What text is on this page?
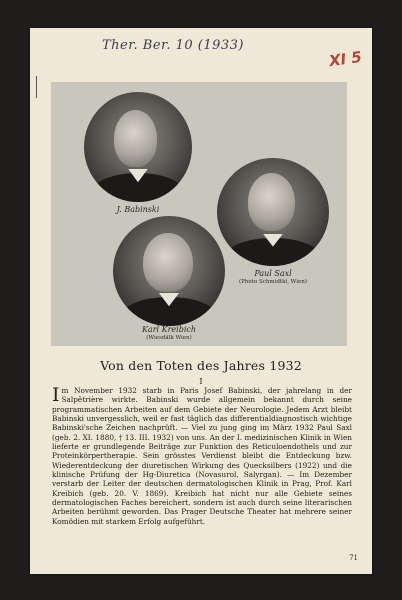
Ther. Ber. 10 (1933)
XI 5
J. Babinski
Paul Saxl
(Photo Schmidtkí, Wien)
Karl Kreibich
(Wiesdälk Wien)
Von den Toten des Jahres 1932
I
Im November 1932 starb in Paris Josef Babinski, der jahrelang in der Salpêtrière wirkte. Babinski wurde allgemein bekannt durch seine programmatischen Arbeiten auf dem Gebiete der Neurologie. Jedem Arzt bleibt Babinski unvergesslich, weil er fast täglich das differentialdiagnostisch wichtige Babinski'sche Zeichen nachprüft. — Viel zu jung ging im März 1932 Paul Saxl (geb. 2. XI. 1880, † 13. III. 1932) von uns. An der I. medizinischen Klinik in Wien lieferte er grundlegende Beiträge zur Funktion des Reticuloendothels und zur Proteinkörpertherapie. Sein grösstes Verdienst bleibt die Entdeckung bzw. Wiederentdeckung der diuretischen Wirkung des Quecksilbers (1922) und die klinische Prüfung der Hg-Diuretica (Novasurol, Salyrgan). — Im Dezember verstarb der Leiter der deutschen dermatologischen Klinik in Prag, Prof. Karl Kreibich (geb. 20. V. 1869). Kreibich hat nicht nur alle Gebiete seines dermatologischen Faches bereichert, sondern ist auch durch seine literarischen Arbeiten berühmt geworden. Das Prager Deutsche Theater hat mehrere seiner Komödien mit starkem Erfolg aufgeführt.
71
